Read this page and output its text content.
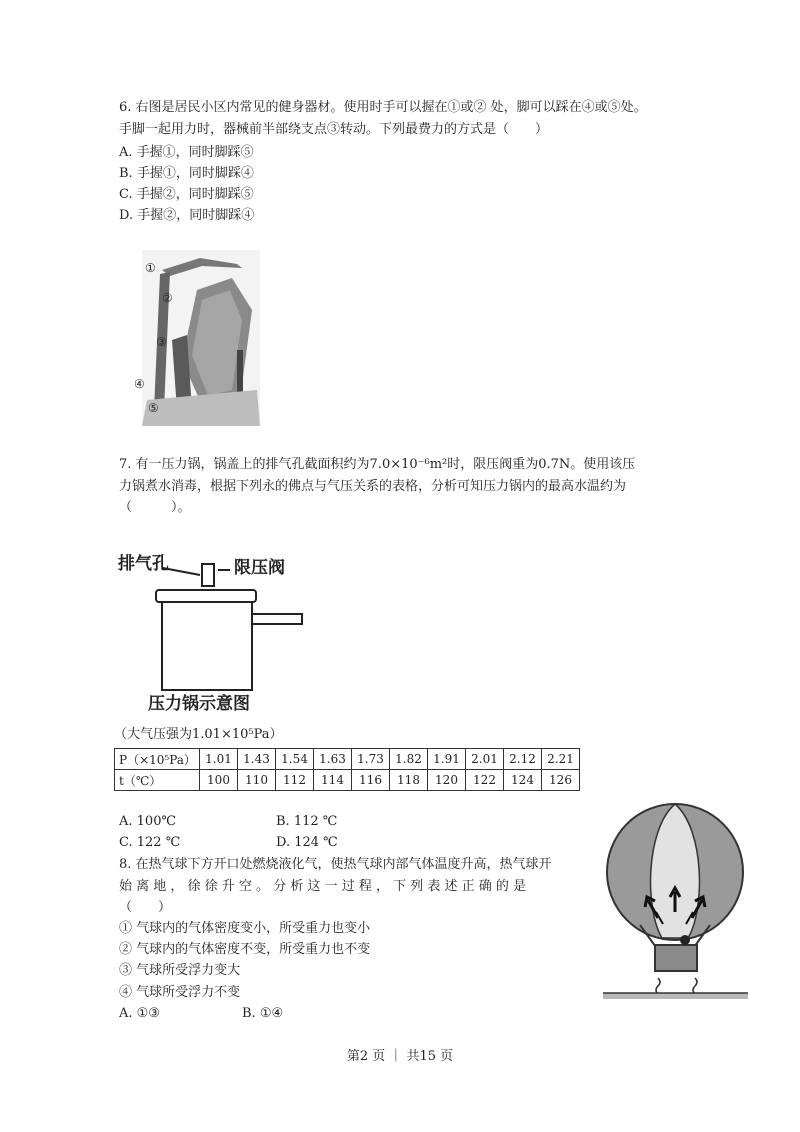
6. 右图是居民小区内常见的健身器材。使用时手可以握在①或② 处，脚可以踩在④或⑤处。
手脚一起用力时，器械前半部绕支点③转动。下列最费力的方式是（　　）
A. 手握①，同时脚踩⑤
B. 手握①，同时脚踩④
C. 手握②，同时脚踩⑤
D. 手握②，同时脚踩④
①
②
③
④
⑤
7. 有一压力锅，锅盖上的排气孔截面积约为7.0×10⁻⁶m²时，限压阀重为0.7N。使用该压
力锅煮水消毒，根据下列永的佛点与气压关系的表格，分析可知压力锅内的最高水温约为
（　　　）。
排气孔	限压阀
压力锅示意图
（大气压强为1.01×10⁵Pa）
P（×10⁵Pa）	1.01	1.43	1.54	1.63	1.73	1.82	1.91	2.01	2.12	2.21
t（℃）	100	110	112	114	116	118	120	122	124	126
A. 100℃	B. 112 ℃
C. 122 ℃	D. 124 ℃
8. 在热气球下方开口处燃烧液化气，使热气球内部气体温度升高，热气球开
始 离 地 ， 徐 徐 升 空 。 分 析 这 一 过 程 ， 下 列 表 述 正 确 的 是
（　　）
① 气球内的气体密度变小，所受重力也变小
② 气球内的气体密度不变，所受重力也不变
③ 气球所受浮力变大
④ 气球所受浮力不变
A. ①③	B. ①④
第2 页 ｜ 共15 页
